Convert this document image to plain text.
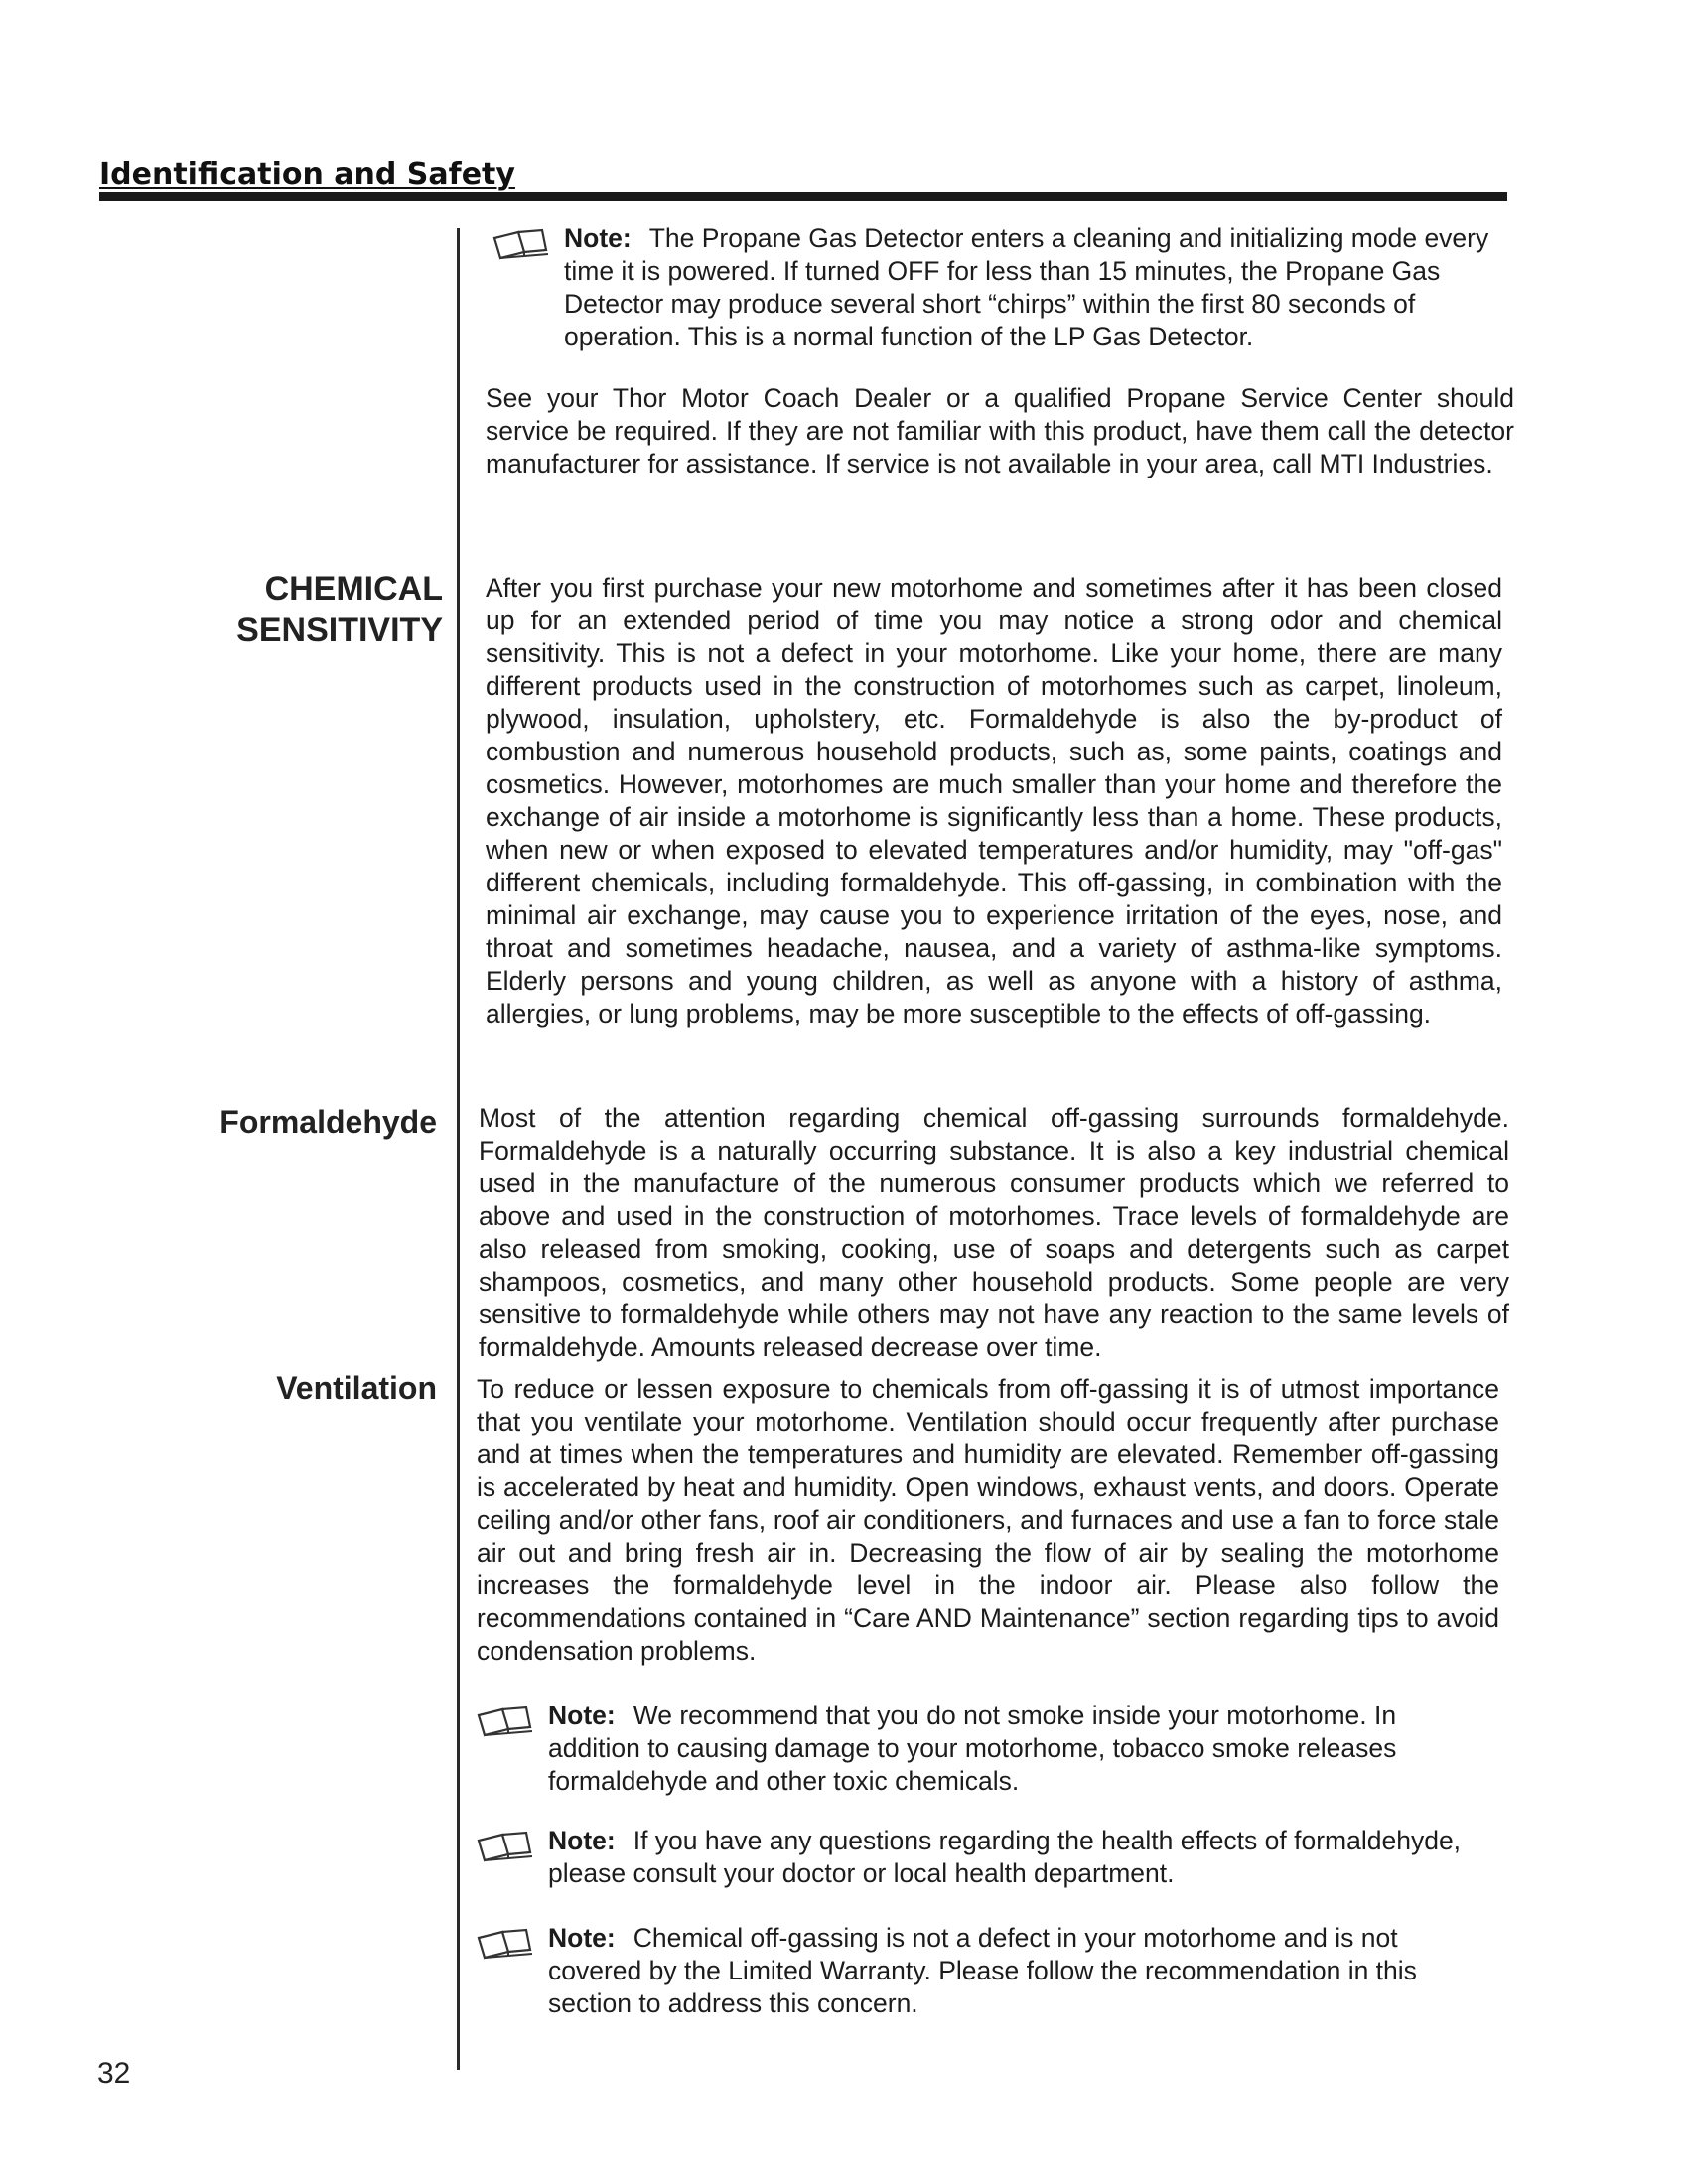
Identification and Safety

Note: The Propane Gas Detector enters a cleaning and initializing mode every time it is powered. If turned OFF for less than 15 minutes, the Propane Gas Detector may produce several short “chirps” within the first 80 seconds of operation. This is a normal function of the LP Gas Detector.

See your Thor Motor Coach Dealer or a qualified Propane Service Center should service be required. If they are not familiar with this product, have them call the detector manufacturer for assistance. If service is not available in your area, call MTI Industries.

CHEMICAL
SENSITIVITY

After you first purchase your new motorhome and sometimes after it has been closed up for an extended period of time you may notice a strong odor and chemical sensitivity. This is not a defect in your motorhome. Like your home, there are many different products used in the construction of motorhomes such as carpet, linoleum, plywood, insulation, upholstery, etc. Formaldehyde is also the by-product of combustion and numerous household products, such as, some paints, coatings and cosmetics. However, motorhomes are much smaller than your home and therefore the exchange of air inside a motorhome is significantly less than a home. These products, when new or when exposed to elevated temperatures and/or humidity, may "off-gas" different chemicals, including formaldehyde. This off-gassing, in combination with the minimal air exchange, may cause you to experience irritation of the eyes, nose, and throat and sometimes headache, nausea, and a variety of asthma-like symptoms. Elderly persons and young children, as well as anyone with a history of asthma, allergies, or lung problems, may be more susceptible to the effects of off-gassing.

Formaldehyde Most of the attention regarding chemical off-gassing surrounds formaldehyde. Formaldehyde is a naturally occurring substance. It is also a key industrial chemical used in the manufacture of the numerous consumer products which we referred to above and used in the construction of motorhomes. Trace levels of formaldehyde are also released from smoking, cooking, use of soaps and detergents such as carpet shampoos, cosmetics, and many other household products. Some people are very sensitive to formaldehyde while others may not have any reaction to the same levels of formaldehyde. Amounts released decrease over time.

Ventilation To reduce or lessen exposure to chemicals from off-gassing it is of utmost importance that you ventilate your motorhome. Ventilation should occur frequently after purchase and at times when the temperatures and humidity are elevated. Remember off-gassing is accelerated by heat and humidity. Open windows, exhaust vents, and doors. Operate ceiling and/or other fans, roof air conditioners, and furnaces and use a fan to force stale air out and bring fresh air in. Decreasing the flow of air by sealing the motorhome increases the formaldehyde level in the indoor air. Please also follow the recommendations contained in “Care AND Maintenance” section regarding tips to avoid condensation problems.

Note: We recommend that you do not smoke inside your motorhome. In addition to causing damage to your motorhome, tobacco smoke releases formaldehyde and other toxic chemicals.

Note: If you have any questions regarding the health effects of formaldehyde, please consult your doctor or local health department.

Note: Chemical off-gassing is not a defect in your motorhome and is not covered by the Limited Warranty. Please follow the recommendation in this section to address this concern.

32
